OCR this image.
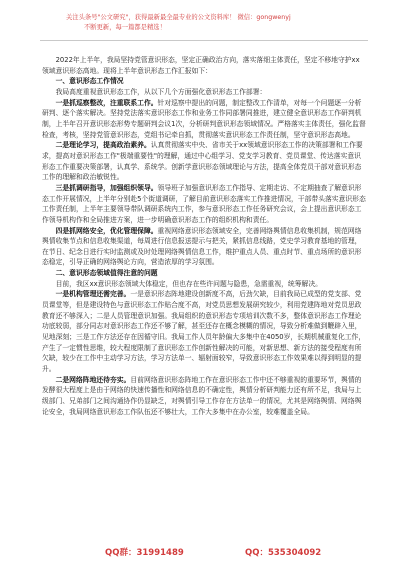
关注头条号"公文研究"，获得最新最全最专业的公文资料库！ 微信：gongwenyj
不断更新，每一篇都是精选！

2022年上半年，我局坚持党管意识形态，坚定正确政治方向，落实落细主体责任，坚定不移地守护xx领域意识形态高地。现将上半年意识形态工作汇报如下：

一、意识形态工作情况

我局高度重视意识形态工作，从以下几个方面强化意识形态工作部署：

一是抓巡察整改，注重联系工作。针对巡察中提出的问题，制定整改工作清单，对每一个问题逐一分析研判、逐个落实解决。坚持党法落实意识形态工作和业务工作同部署同推进，建立健全意识形态工作研判机制，上半年召开意识形态形势专题研判会议1次，分析研判意识形态领域情况。严格落实主体责任，强化监督检查，考核，坚持党管意识形态，党组书记牵自抓，贯彻落实意识形态工作责任制，坚守意识形态高地。

二是理论学习，提高政治素养。认真贯彻落实中央、省市关于xx领域意识形态工作的决策部署和工作要求，提高对意识形态工作"极端重要性"的理解，通过中心组学习、党支学习教育、党员课堂、传达落实意识形态工作重要决策部署，认真学、系统学。创新学意识形态领域理论与方法，提高全体党员干部对意识形态工作的理解和政治敏锐性。

三是抓调研指导，加强组织领导。领导班子加强意识形态工作指导、定期走访、不定期抽查了解意识形态工作开展情况，上半年分别赴5个街道调研，了解目前意识形态落实工作推进情况，干部带头落实意识形态工作责任制，上半年主要领导带队调研系统内工作，参与意识形态工作任务研究会议，会上提出意识形态工作领导机构作和全局推进方案，进一步明确意识形态工作的组织机构和责任。

四是抓网络安全，优化管理保障。重视网络意识形态领域安全，完善网络舆情信息收集机制，规范网络舆情收集节点和信息收集渠道，每周进行信息报送提示与把关，紧抓信息线路，党史学习教育基地的管理，在节日、纪念日进行实时监测或及时处理网络舆情信息工作，维护重点人员、重点时节、重点场所的意识形态稳定，引导正确的网络舆论方向，营造浓厚的学习氛围。

二、意识形态领域值得注意的问题

目前，我区xx意识形态领域大体稳定，但也存在些许问题与隐患，急需重视，统筹解决。

一是机构管理还需完善。一是意识形态阵地建设创新度不高，后劲欠缺，目前我局已成型的党支部、党员课堂等，但是建设特色与意识形态工作贴合度不高，对党员思想发展研究较少，利用党建阵地对党员思政教育还不够深入；二是人员管理意识加强。我局组织的意识形态专项培训次数不多，整体意识形态工作理论功底较弱，部分同志对意识形态工作还不够了解，甚至还存在概念模糊的情况，导致分析难做到鞭辟入里，见地深刻；三是工作方法还存在因循守旧。我局工作人员年龄偏大多集中在4050岁，长期机械重复化工作，产生了一定惯性思维，较大程度限制了意识形态工作创新性解决的可能，对新思想、新方法的接受程度有所欠缺，较少在工作中主动学习方法，学习方法单一、辐射面较窄，导致意识形态工作效果难以得到明显的提升。

二是网络阵地还待夯实。目前网络意识形态阵地工作在意识形态工作中还不够重视的重要环节，舆情的发酵很大程度上是由于网络的快速传播性和网络信息的不确定性，舆情分析研判能力还有所不足，我局与上级部门、兄弟部门之间沟通协作仍显缺乏，对舆情引导工作存在方法单一的情况，尤其是网络舆情、网络舆论安全，我局网络意识形态工作队伍还不够壮大，工作大多集中在办公室，较难覆盖全局。

QQ群：31991489	QQ：535304092
